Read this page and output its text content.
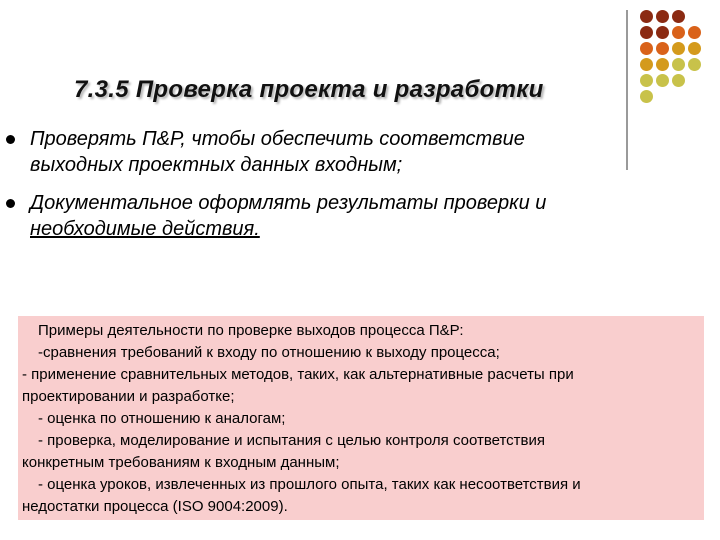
7.3.5 Проверка проекта и разработки
Проверять П&Р, чтобы обеспечить соответствие
выходных проектных данных входным;
Документальное оформлять результаты проверки и
необходимые действия.
Примеры деятельности по проверке выходов процесса П&Р:
-сравнения требований к входу по отношению к выходу процесса;
- применение сравнительных методов, таких, как альтернативные расчеты при
проектировании и разработке;
- оценка по отношению к аналогам;
- проверка, моделирование и испытания с целью контроля соответствия
конкретным требованиям к входным данным;
- оценка уроков, извлеченных из прошлого опыта, таких как несоответствия и
недостатки процесса (ISO 9004:2009).
